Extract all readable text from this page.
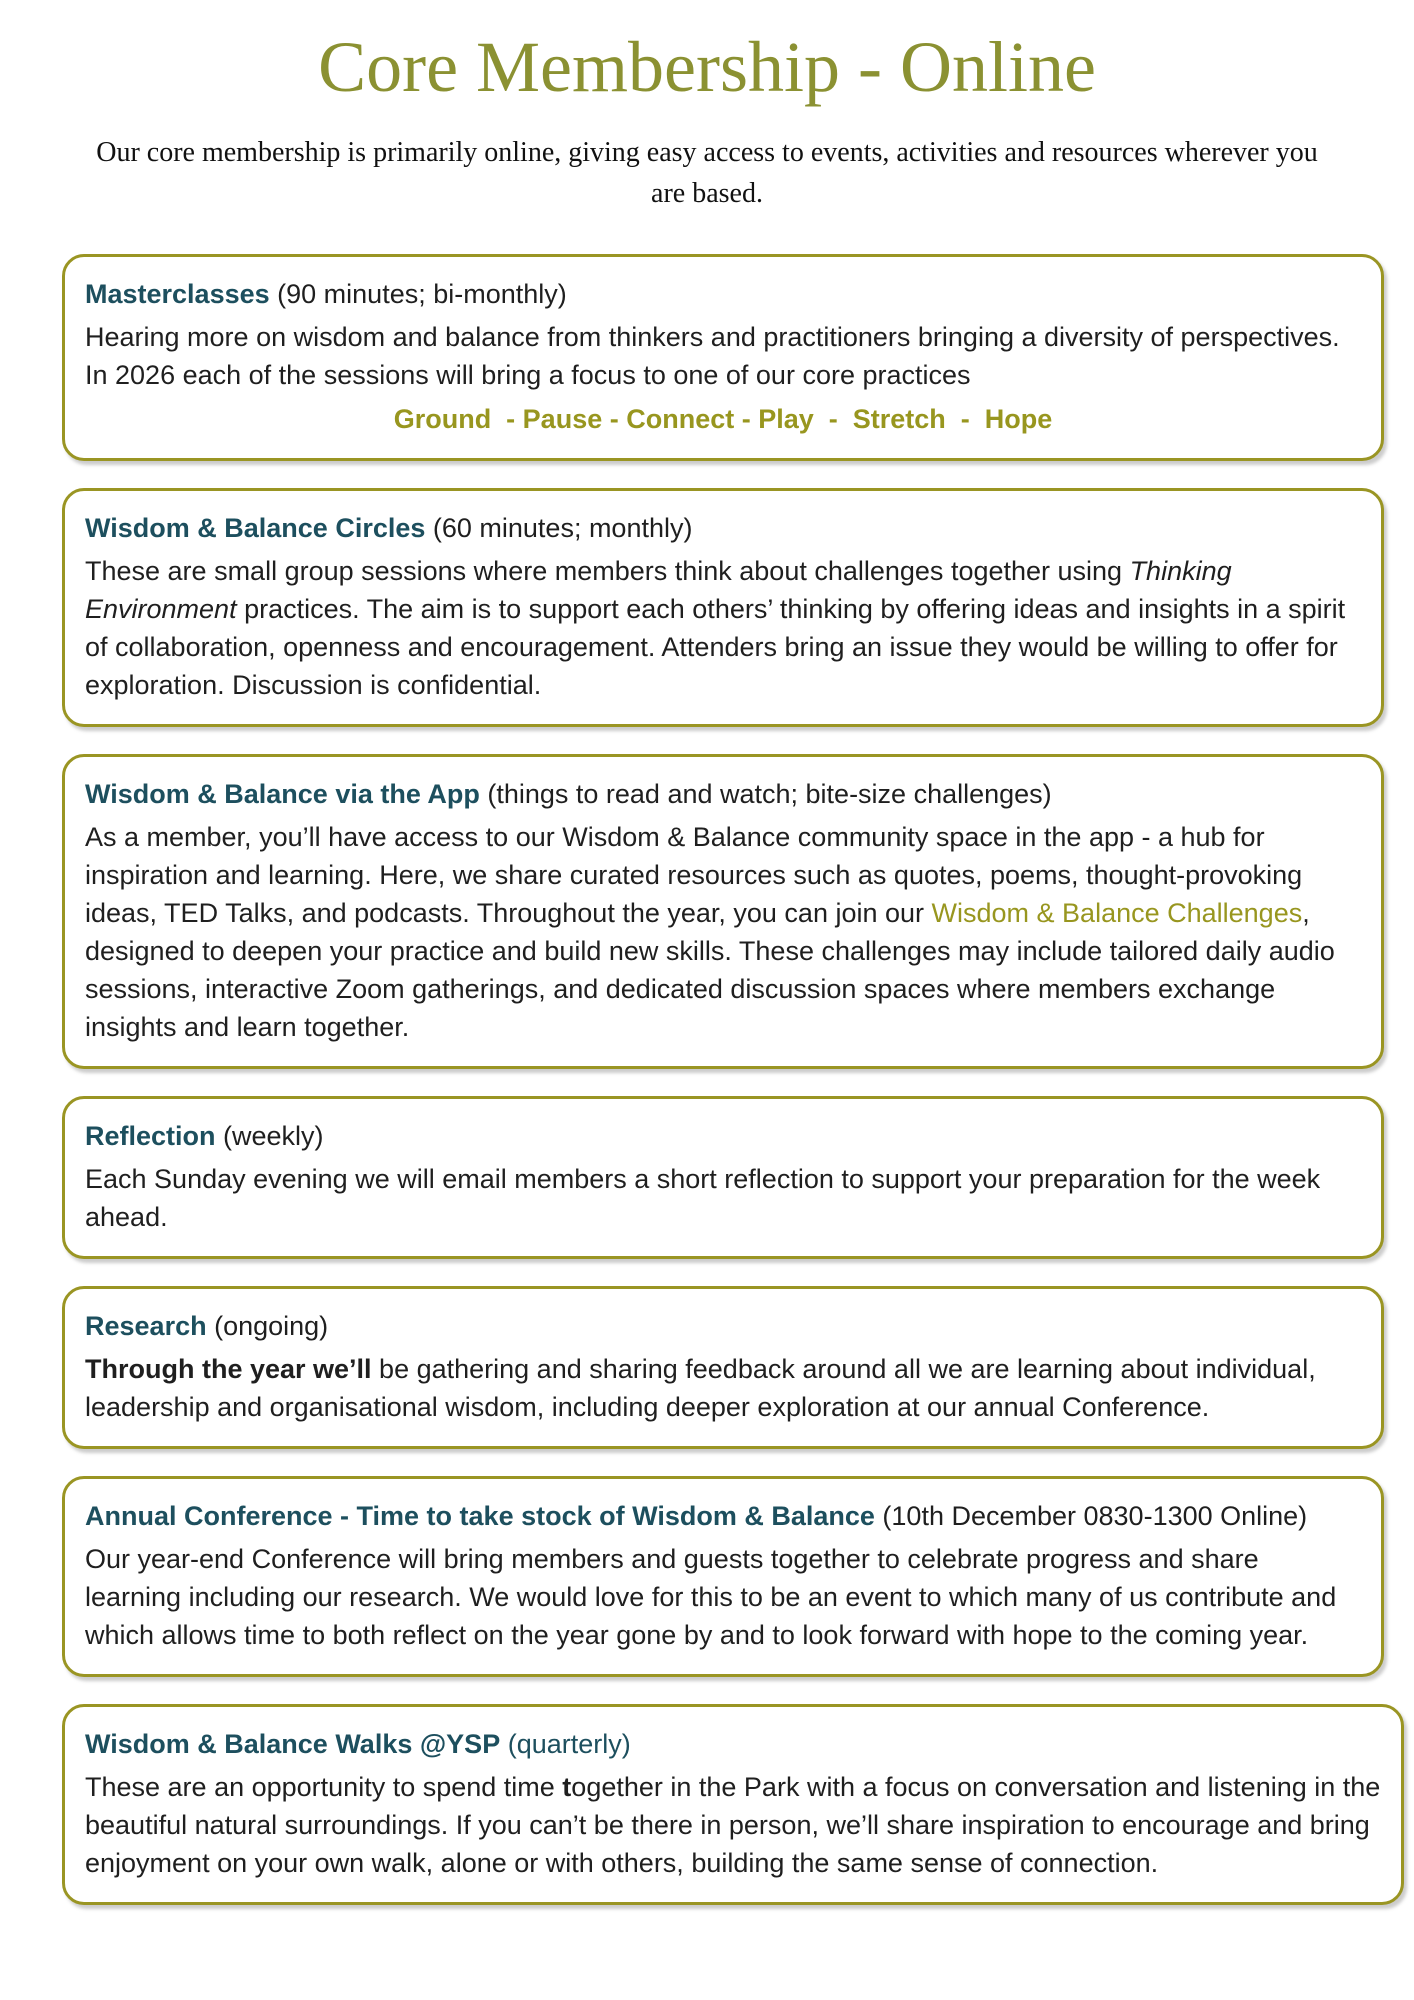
Core Membership - Online

Our core membership is primarily online, giving easy access to events, activities and resources wherever you are based.

Masterclasses (90 minutes; bi-monthly)

Hearing more on wisdom and balance from thinkers and practitioners bringing a diversity of perspectives. In 2026 each of the sessions will bring a focus to one of our core practices

Ground  - Pause - Connect - Play  -  Stretch  -  Hope

Wisdom & Balance Circles (60 minutes; monthly)

These are small group sessions where members think about challenges together using Thinking Environment practices. The aim is to support each others’ thinking by offering ideas and insights in a spirit of collaboration, openness and encouragement. Attenders bring an issue they would be willing to offer for exploration. Discussion is confidential.

Wisdom & Balance via the App (things to read and watch; bite-size challenges)

As a member, you’ll have access to our Wisdom & Balance community space in the app - a hub for inspiration and learning. Here, we share curated resources such as quotes, poems, thought-provoking ideas, TED Talks, and podcasts. Throughout the year, you can join our Wisdom & Balance Challenges, designed to deepen your practice and build new skills. These challenges may include tailored daily audio sessions, interactive Zoom gatherings, and dedicated discussion spaces where members exchange insights and learn together.

Reflection (weekly)

Each Sunday evening we will email members a short reflection to support your preparation for the week ahead.

Research (ongoing)

Through the year we’ll be gathering and sharing feedback around all we are learning about individual, leadership and organisational wisdom, including deeper exploration at our annual Conference.

Annual Conference - Time to take stock of Wisdom & Balance (10th December 0830-1300 Online)

Our year-end Conference will bring members and guests together to celebrate progress and share learning including our research. We would love for this to be an event to which many of us contribute and which allows time to both reflect on the year gone by and to look forward with hope to the coming year.

Wisdom & Balance Walks @YSP (quarterly)

These are an opportunity to spend time together in the Park with a focus on conversation and listening in the beautiful natural surroundings. If you can’t be there in person, we’ll share inspiration to encourage and bring enjoyment on your own walk, alone or with others, building the same sense of connection.
